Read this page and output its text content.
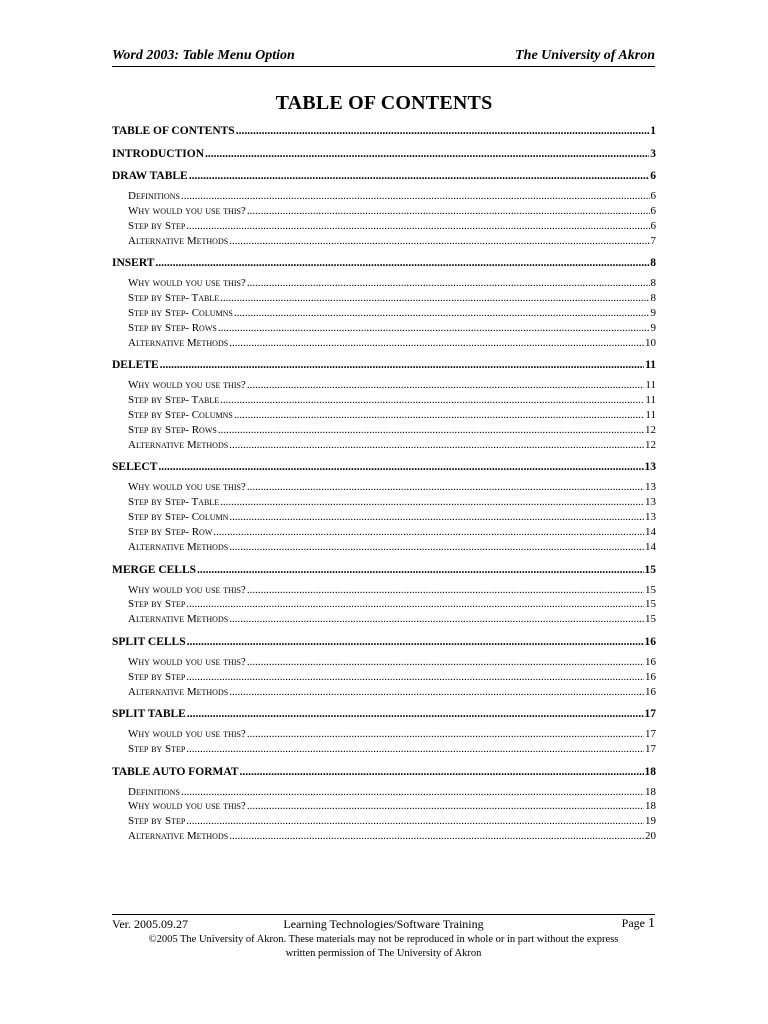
Word 2003: Table Menu Option	The University of Akron
TABLE OF CONTENTS
TABLE OF CONTENTS .....	1
INTRODUCTION .....	3
DRAW TABLE .....	6
Definitions .....	6
Why would you use this? .....	6
Step by Step .....	6
Alternative Methods .....	7
INSERT .....	8
Why would you use this? .....	8
Step by Step- Table .....	8
Step by Step- Columns .....	9
Step by Step- Rows .....	9
Alternative Methods .....	10
DELETE .....	11
Why would you use this? .....	11
Step by Step- Table .....	11
Step by Step- Columns .....	11
Step by Step- Rows .....	12
Alternative Methods .....	12
SELECT .....	13
Why would you use this? .....	13
Step by Step- Table .....	13
Step by Step- Column .....	13
Step by Step- Row .....	14
Alternative Methods .....	14
MERGE CELLS .....	15
Why would you use this? .....	15
Step by Step .....	15
Alternative Methods .....	15
SPLIT CELLS .....	16
Why would you use this? .....	16
Step by Step .....	16
Alternative Methods .....	16
SPLIT TABLE .....	17
Why would you use this? .....	17
Step by Step .....	17
TABLE AUTO FORMAT .....	18
Definitions .....	18
Why would you use this? .....	18
Step by Step .....	19
Alternative Methods .....	20
Ver. 2005.09.27	Learning Technologies/Software Training	Page 1
©2005 The University of Akron. These materials may not be reproduced in whole or in part without the express
written permission of The University of Akron
